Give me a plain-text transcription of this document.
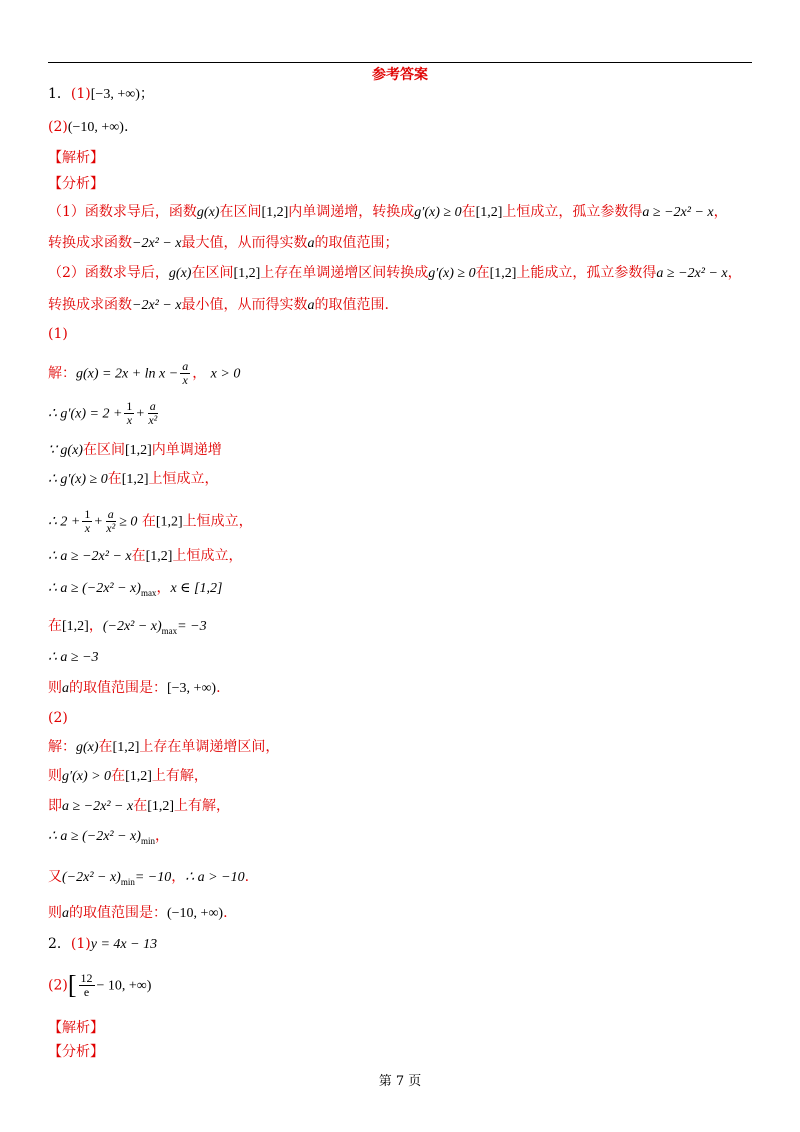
参考答案
1．(1)[−3, +∞)；
(2)(−10, +∞).
【解析】
【分析】
（1）函数求导后，函数g(x)在区间[1,2]内单调递增，转换成g′(x) ≥ 0在[1,2]上恒成立，孤立参数得a ≥ −2x² − x，
转换成求函数−2x² − x最大值，从而得实数a的取值范围；
（2）函数求导后，g(x)在区间[1,2]上存在单调递增区间转换成g′(x) ≥ 0在[1,2]上能成立，孤立参数得a ≥ −2x² − x，
转换成求函数−2x² − x最小值，从而得实数a的取值范围.
(1)
解：$g(x) = 2x + \ln x - \frac{a}{x}$ ， x > 0
∴ $g'(x) = 2 + \frac{1}{x} + \frac{a}{\text{x²}}$
∵ g(x)在区间[1,2]内单调递增
∴ g′(x) ≥ 0在[1,2]上恒成立，
∴ $2 + \frac{1}{x} + \frac{a}{\text{x²}} \ge 0$ 在[1,2]上恒成立，
∴ a ≥ −2x² − x在[1,2]上恒成立，
∴ $a \ge (-2x^2 - x)_{max}$，x ∈ [1,2]
在[1,2]，$(-2x^2 - x)_{max}= -3$
∴ a ≥ −3
则a的取值范围是：[−3, +∞).
(2)
解：g(x)在[1,2]上存在单调递增区间，
则g′(x) > 0在[1,2]上有解，
即a ≥ −2x² − x在[1,2]上有解，
∴ $a \ge (-2x^2 - x)_{min}$，
又$(-2x^2 - x)_{min}= -10$，∴ a > −10.
则a的取值范围是：(−10, +∞).
2．(1)y = 4x − 13
$(2)[ \frac{12}{e} - 10$, +∞)
【解析】
【分析】
第 7 页
